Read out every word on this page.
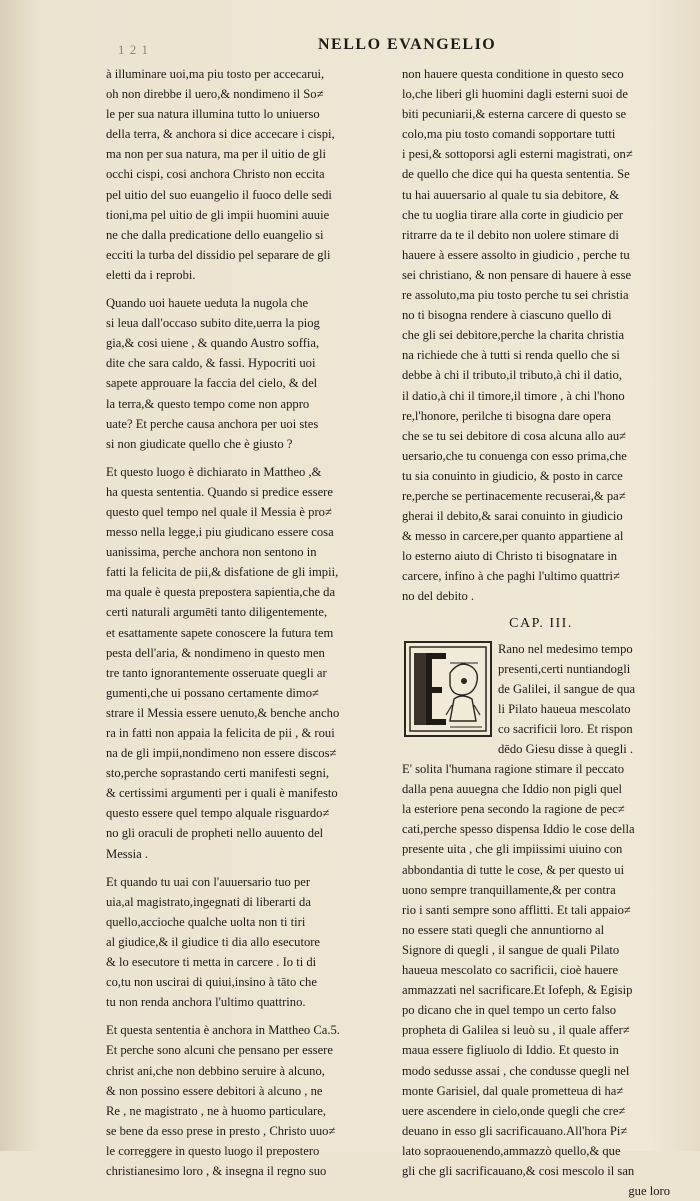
1 2 1	NELLO EVANGELIO
à illuminare uoi,ma piu tosto per accecarui,
oh non direbbe il uero,& nondimeno il So≠
le per sua natura illumina tutto lo uniuerso
della terra, & anchora si dice accecare i cispi,
ma non per sua natura, ma per il uitio de gli
occhi cispi, cosi anchora Christo non eccita
pel uitio del suo euangelio il fuoco delle sedi
tioni,ma pel uitio de gli impii huomini auuie
ne che dalla predicatione dello euangelio si
ecciti la turba del dissidio pel separare de gli
eletti da i reprobi.
Quando uoi hauete ueduta la nugola che
si leua dall'occaso subito dite,uerra la piog
gia,& cosi uiene , & quando Austro soffia,
dite che sara caldo, & fassi. Hypocriti uoi
sapete approuare la faccia del cielo, & del
la terra,& questo tempo come non appro
uate? Et perche causa anchora per uoi stes
si non giudicate quello che è giusto ?
Et questo luogo è dichiarato in Mattheo ,&
ha questa sententia. Quando si predice essere
questo quel tempo nel quale il Messia è pro≠
messo nella legge,i piu giudicano essere cosa
uanissima, perche anchora non sentono in
fatti la felicita de pii,& disfatione de gli impii,
ma quale è questa prepostera sapientia,che da
certi naturali argumēti tanto diligentemente,
et esattamente sapete conoscere la futura tem
pesta dell'aria, & nondimeno in questo men
tre tanto ignorantemente osseruate quegli ar
gumenti,che ui possano certamente dimo≠
strare il Messia essere uenuto,& benche ancho
ra in fatti non appaia la felicita de pii , & roui
na de gli impii,nondimeno non essere discos≠
sto,perche soprastando certi manifesti segni,
& certissimi argumenti per i quali è manifesto
questo essere quel tempo alquale risguardo≠
no gli oraculi de propheti nello auuento del
Messia .
Et quando tu uai con l'auuersario tuo per
uia,al magistrato,ingegnati di liberarti da
quello,accioche qualche uolta non ti tiri
al giudice,& il giudice ti dia allo esecutore
& lo esecutore ti metta in carcere . Io ti di
co,tu non uscirai di quiui,insino à tāto che
tu non renda anchora l'ultimo quattrino.
Et questa sententia è anchora in Mattheo Ca.5.
Et perche sono alcuni che pensano per essere
christ ani,che non debbino seruire à alcuno,
& non possino essere debitori à alcuno , ne
Re , ne magistrato , ne à huomo particulare,
se bene da esso prese in presto , Christo uuo≠
le correggere in questo luogo il prepostero
christianesimo loro , & insegna il regno suo
non hauere questa conditione in questo seco
lo,che liberi gli huomini dagli esterni suoi de
biti pecuniarii,& esterna carcere di questo se
colo,ma piu tosto comandi sopportare tutti
i pesi,& sottoporsi agli esterni magistrati, on≠
de quello che dice qui ha questa sententia. Se
tu hai auuersario al quale tu sia debitore, &
che tu uoglia tirare alla corte in giudicio per
ritrarre da te il debito non uolere stimare di
hauere à essere assolto in giudicio , perche tu
sei christiano, & non pensare di hauere à esse
re assoluto,ma piu tosto perche tu sei christia
no ti bisogna rendere à ciascuno quello di
che gli sei debitore,perche la charita christia
na richiede che à tutti si renda quello che si
debbe à chi il tributo,il tributo,à chi il datio,
il datio,à chi il timore,il timore , à chi l'hono
re,l'honore, perilche ti bisogna dare opera
che se tu sei debitore di cosa alcuna allo au≠
uersario,che tu conuenga con esso prima,che
tu sia conuinto in giudicio, & posto in carce
re,perche se pertinacemente recuserai,& pa≠
gherai il debito,& sarai conuinto in giudicio
& messo in carcere,per quanto appartiene al
lo esterno aiuto di Christo ti bisognatare in
carcere, infino à che paghi l'ultimo quattri≠
no del debito .
CAP. III.
Rano nel medesimo tempo
presenti,certi nuntiandogli
de Galilei, il sangue de qua
li Pilato haueua mescolato
co sacrificii loro. Et rispon
dēdo Giesu disse à quegli .
E' solita l'humana ragione stimare il peccato
dalla pena auuegna che Iddio non pigli quel
la esteriore pena secondo la ragione de pec≠
cati,perche spesso dispensa Iddio le cose della
presente uita , che gli impiissimi uiuino con
abbondantia di tutte le cose, & per questo ui
uono sempre tranquillamente,& per contra
rio i santi sempre sono afflitti. Et tali appaio≠
no essere stati quegli che annuntiorno al
Signore di quegli , il sangue de quali Pilato
haueua mescolato co sacrificii, cioè hauere
ammazzati nel sacrificare.Et Iofeph, & Egisip
po dicano che in quel tempo un certo falso
propheta di Galilea si leuò su , il quale affer≠
maua essere figliuolo di Iddio. Et questo in
modo sedusse assai , che condusse quegli nel
monte Garisiel, dal quale prometteua di ha≠
uere ascendere in cielo,onde quegli che cre≠
deuano in esso gli sacrificauano.All'hora Pi≠
lato sopraouenendo,ammazzò quello,& que
gli che gli sacrificauano,& cosi mescolo il san
gue loro
